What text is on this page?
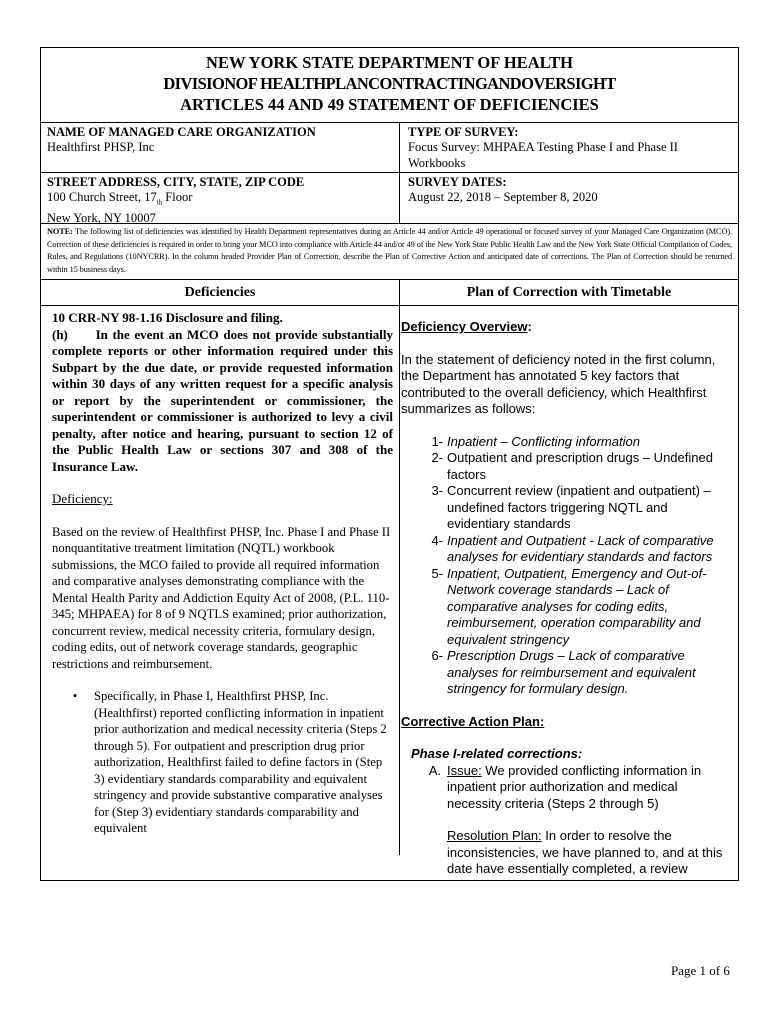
NEW YORK STATE DEPARTMENT OF HEALTH
DIVISIONOF HEALTHPLANCONTRACTINGANDOVERSIGHT
ARTICLES 44 AND 49 STATEMENT OF DEFICIENCIES
NAME OF MANAGED CARE ORGANIZATION
Healthfirst PHSP, Inc
TYPE OF SURVEY:
Focus Survey: MHPAEA Testing Phase I and Phase II Workbooks
STREET ADDRESS, CITY, STATE, ZIP CODE
100 Church Street, $17_{th}$ Floor
New York, NY 10007
SURVEY DATES:
August 22, 2018 – September 8, 2020
NOTE: The following list of deficiencies was identified by Health Department representatives during an Article 44 and/or Article 49 operational or focused survey of your Managed Care Organization (MCO). Correction of these deficiencies is required in order to bring your MCO into compliance with Article 44 and/or 49 of the New York State Public Health Law and the New York State Official Compilation of Codes, Rules, and Regulations (10NYCRR). In the column headed Provider Plan of Correction, describe the Plan of Corrective Action and anticipated date of corrections. The Plan of Correction should be returned within 15 business days.
Deficiencies	Plan of Correction with Timetable
10 CRR-NY 98-1.16 Disclosure and filing.
(h)      In the event an MCO does not provide substantially complete reports or other information required under this Subpart by the due date, or provide requested information within 30 days of any written request for a specific analysis or report by the superintendent or commissioner, the superintendent or commissioner is authorized to levy a civil penalty, after notice and hearing, pursuant to section 12 of the Public Health Law or sections 307 and 308 of the Insurance Law.

Deficiency:

Based on the review of Healthfirst PHSP, Inc. Phase I and Phase II nonquantitative treatment limitation (NQTL) workbook submissions, the MCO failed to provide all required information and comparative analyses demonstrating compliance with the Mental Health Parity and Addiction Equity Act of 2008, (P.L. 110-345; MHPAEA) for 8 of 9 NQTLS examined; prior authorization, concurrent review, medical necessity criteria, formulary design, coding edits, out of network coverage standards, geographic restrictions and reimbursement.

•	Specifically, in Phase I, Healthfirst PHSP, Inc. (Healthfirst) reported conflicting information in inpatient prior authorization and medical necessity criteria (Steps 2 through 5). For outpatient and prescription drug prior authorization, Healthfirst failed to define factors in (Step 3) evidentiary standards comparability and equivalent stringency and provide substantive comparative analyses for (Step 3) evidentiary standards comparability and equivalent

Deficiency Overview:

In the statement of deficiency noted in the first column, the Department has annotated 5 key factors that contributed to the overall deficiency, which Healthfirst summarizes as follows:

1- Inpatient – Conflicting information
2- Outpatient and prescription drugs – Undefined factors
3- Concurrent review (inpatient and outpatient) – undefined factors triggering NQTL and evidentiary standards
4- Inpatient and Outpatient - Lack of comparative analyses for evidentiary standards and factors
5- Inpatient, Outpatient, Emergency and Out-of-Network coverage standards – Lack of comparative analyses for coding edits, reimbursement, operation comparability and equivalent stringency
6- Prescription Drugs – Lack of comparative analyses for reimbursement and equivalent stringency for formulary design.

Corrective Action Plan:

Phase I-related corrections:

A. Issue: We provided conflicting information in inpatient prior authorization and medical necessity criteria (Steps 2 through 5)
Resolution Plan: In order to resolve the inconsistencies, we have planned to, and at this date have essentially completed, a review
Page 1 of 6
